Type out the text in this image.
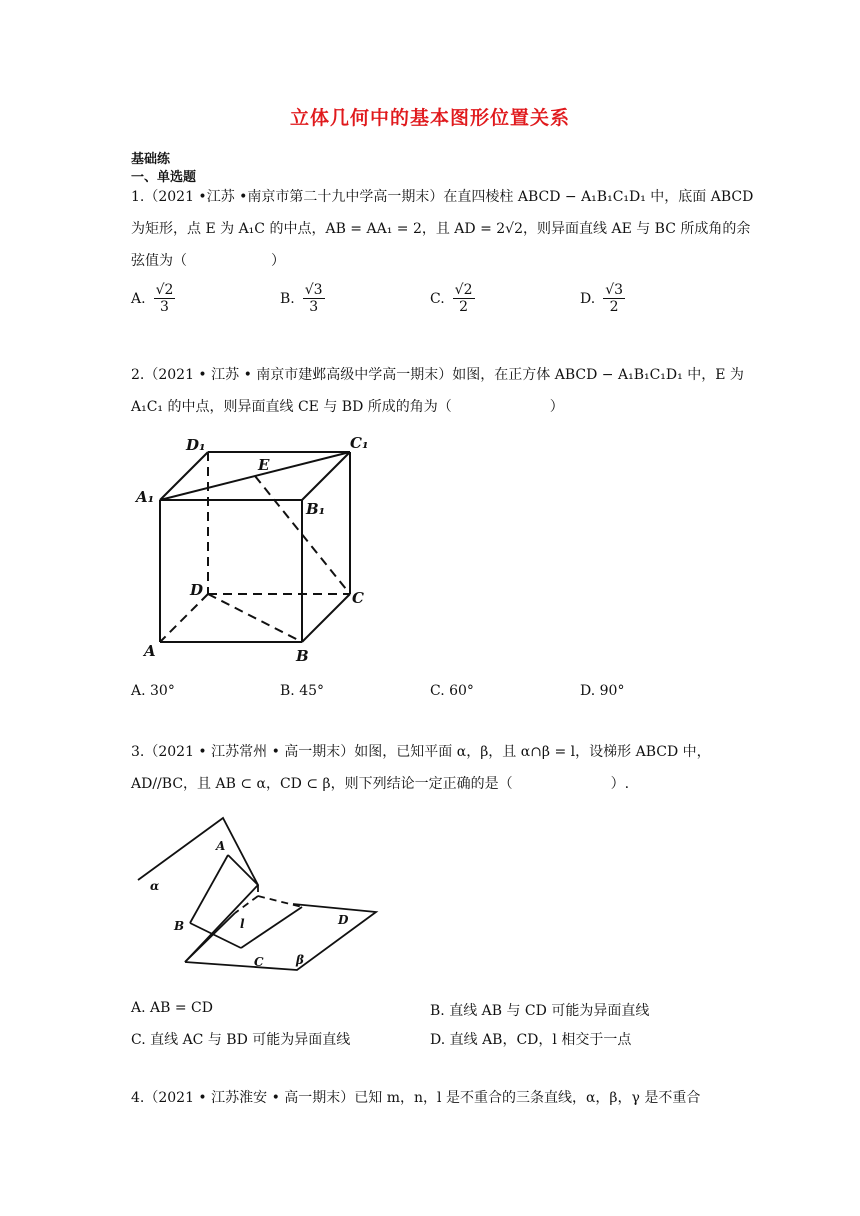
立体几何中的基本图形位置关系
基础练
一、单选题
1.（2021 •江苏 •南京市第二十九中学高一期末）在直四棱柱 ABCD − A₁B₁C₁D₁ 中，底面 ABCD
为矩形，点 E 为 A₁C 的中点，AB = AA₁ = 2，且 AD = 2√2，则异面直线 AE 与 BC 所成角的余
弦值为（　　　　　　）
A. $\frac{√2}{3}$	B. $\frac{√3}{3}$	C. $\frac{√2}{2}$	D. $\frac{√3}{2}$
2.（2021 • 江苏 • 南京市建邺高级中学高一期末）如图，在正方体 ABCD − A₁B₁C₁D₁ 中，E 为
A₁C₁ 的中点，则异面直线 CE 与 BD 所成的角为（　　　　　　　）
D₁	C₁
A₁
B₁
E
D	C
A	B
A. 30°	B. 45°	C. 60°	D. 90°
3.（2021 • 江苏常州 • 高一期末）如图，已知平面 α，β，且 α∩β = l，设梯形 ABCD 中，
AD//BC，且 AB ⊂ α，CD ⊂ β，则下列结论一定正确的是（　　　　　　　）.
α
β
A
B
C
D
l
A. AB = CD	B. 直线 AB 与 CD 可能为异面直线
C. 直线 AC 与 BD 可能为异面直线	D. 直线 AB，CD，l 相交于一点
4.（2021 • 江苏淮安 • 高一期末）已知 m，n，l 是不重合的三条直线，α，β，γ 是不重合
